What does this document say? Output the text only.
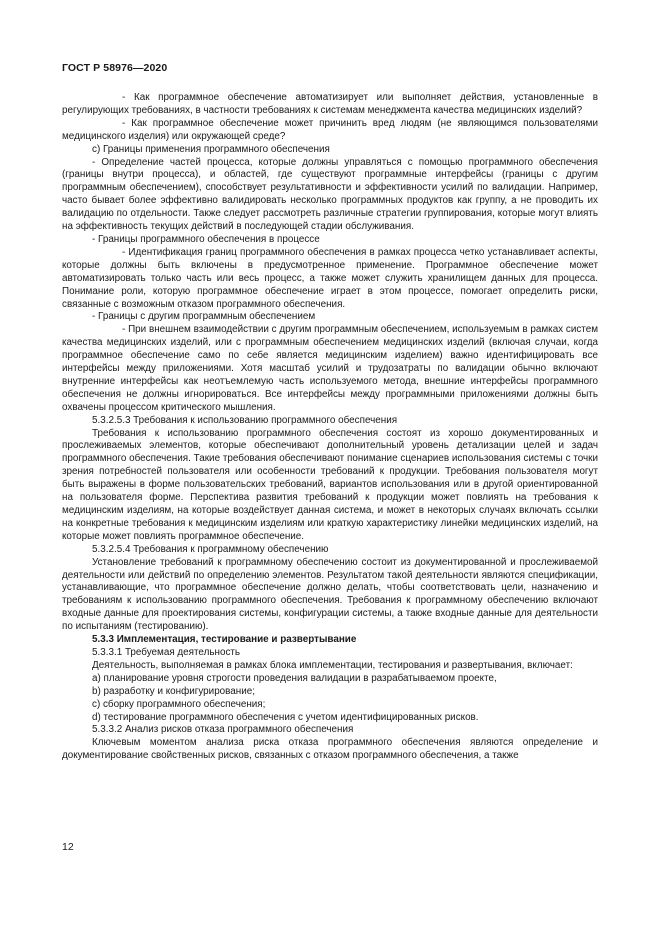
ГОСТ Р 58976—2020

- Как программное обеспечение автоматизирует или выполняет действия, установленные в регулирующих требованиях, в частности требованиях к системам менеджмента качества медицинских изделий?

- Как программное обеспечение может причинить вред людям (не являющимся пользователями медицинского изделия) или окружающей среде?

c) Границы применения программного обеспечения

- Определение частей процесса, которые должны управляться с помощью программного обеспечения (границы внутри процесса), и областей, где существуют программные интерфейсы (границы с другим программным обеспечением), способствует результативности и эффективности усилий по валидации. Например, часто бывает более эффективно валидировать несколько программных продуктов как группу, а не проводить их валидацию по отдельности. Также следует рассмотреть различные стратегии группирования, которые могут влиять на эффективность текущих действий в последующей стадии обслуживания.

- Границы программного обеспечения в процессе

- Идентификация границ программного обеспечения в рамках процесса четко устанавливает аспекты, которые должны быть включены в предусмотренное применение. Программное обеспечение может автоматизировать только часть или весь процесс, а также может служить хранилищем данных для процесса. Понимание роли, которую программное обеспечение играет в этом процессе, помогает определить риски, связанные с возможным отказом программного обеспечения.

- Границы с другим программным обеспечением

- При внешнем взаимодействии с другим программным обеспечением, используемым в рамках систем качества медицинских изделий, или с программным обеспечением медицинских изделий (включая случаи, когда программное обеспечение само по себе является медицинским изделием) важно идентифицировать все интерфейсы между приложениями. Хотя масштаб усилий и трудозатраты по валидации обычно включают внутренние интерфейсы как неотъемлемую часть используемого метода, внешние интерфейсы программного обеспечения не должны игнорироваться. Все интерфейсы между программными приложениями должны быть охвачены процессом критического мышления.

5.3.2.5.3 Требования к использованию программного обеспечения

Требования к использованию программного обеспечения состоят из хорошо документированных и прослеживаемых элементов, которые обеспечивают дополнительный уровень детализации целей и задач программного обеспечения. Такие требования обеспечивают понимание сценариев использования системы с точки зрения потребностей пользователя или особенности требований к продукции. Требования пользователя могут быть выражены в форме пользовательских требований, вариантов использования или в другой ориентированной на пользователя форме. Перспектива развития требований к продукции может повлиять на требования к медицинским изделиям, на которые воздействует данная система, и может в некоторых случаях включать ссылки на конкретные требования к медицинским изделиям или краткую характеристику линейки медицинских изделий, на которые может повлиять программное обеспечение.

5.3.2.5.4 Требования к программному обеспечению

Установление требований к программному обеспечению состоит из документированной и прослеживаемой деятельности или действий по определению элементов. Результатом такой деятельности являются спецификации, устанавливающие, что программное обеспечение должно делать, чтобы соответствовать цели, назначению и требованиям к использованию программного обеспечения. Требования к программному обеспечению включают входные данные для проектирования системы, конфигурации системы, а также входные данные для деятельности по испытаниям (тестированию).

5.3.3 Имплементация, тестирование и развертывание

5.3.3.1 Требуемая деятельность

Деятельность, выполняемая в рамках блока имплементации, тестирования и развертывания, включает:

a) планирование уровня строгости проведения валидации в разрабатываемом проекте,

b) разработку и конфигурирование;

c) сборку программного обеспечения;

d) тестирование программного обеспечения с учетом идентифицированных рисков.

5.3.3.2 Анализ рисков отказа программного обеспечения

Ключевым моментом анализа риска отказа программного обеспечения являются определение и документирование свойственных рисков, связанных с отказом программного обеспечения, а также

12
